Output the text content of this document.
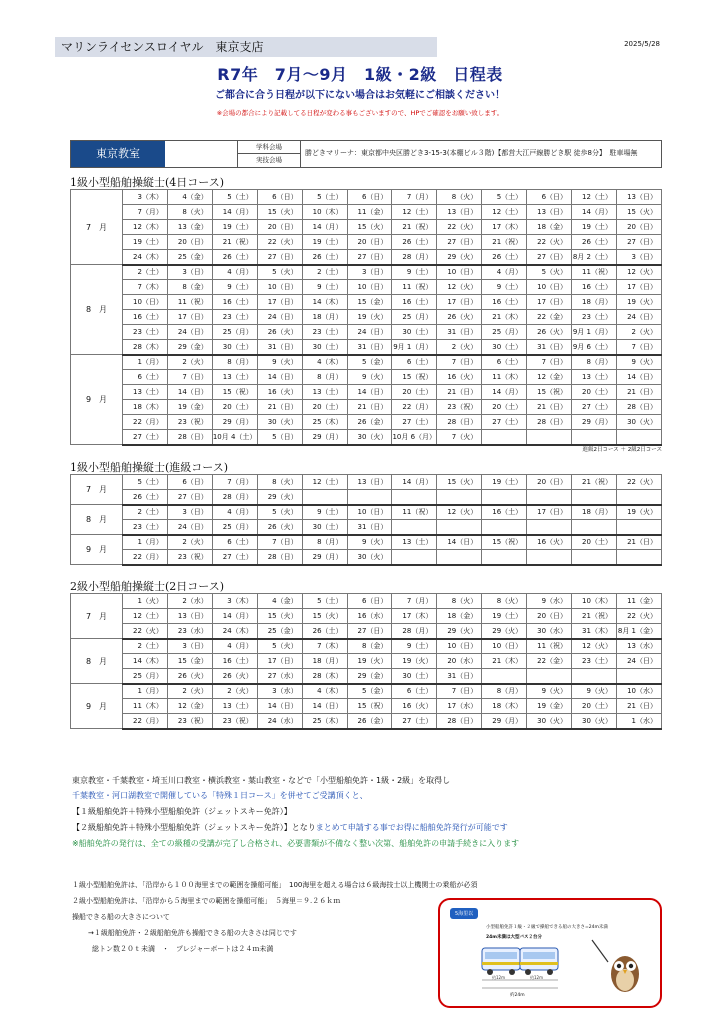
マリンライセンスロイヤル　東京支店	2025/5/28
R7年　7月～9月　1級・2級　日程表
ご都合に合う日程が以下にない場合はお気軽にご相談ください！
※会場の都合により記載してる日程が変わる事もございますので、HPでご確認をお願い致します。
東京教室	学科会場
実技会場
勝どきマリーナ：東京都中央区勝どき3-15-3(本棚ビル３階)【都営大江戸線勝どき駅 徒歩8分】　駐車場無
1級小型船舶操縦士(4日コース)
7　月	3（木）	4（金）	5（土）	6（日）	5（土）	6（日）	7（月）	8（火）	5（土）	6（日）	12（土）	13（日）
	7（月）	8（火）	14（月）	15（火）	10（木）	11（金）	12（土）	13（日）	12（土）	13（日）	14（月）	15（火）
	12（木）	13（金）	19（土）	20（日）	14（月）	15（火）	21（祝）	22（火）	17（木）	18（金）	19（土）	20（日）
	19（土）	20（日）	21（祝）	22（火）	19（土）	20（日）	26（土）	27（日）	21（祝）	22（火）	26（土）	27（日）
	24（木）	25（金）	26（土）	27（日）	26（土）	27（日）	28（月）	29（火）	26（土）	27（日）	8月 2（土）	3（日）
8　月	2（土）	3（日）	4（月）	5（火）	2（土）	3（日）	9（土）	10（日）	4（月）	5（火）	11（祝）	12（火）
	7（木）	8（金）	9（土）	10（日）	9（土）	10（日）	11（祝）	12（火）	9（土）	10（日）	16（土）	17（日）
	10（日）	11（祝）	16（土）	17（日）	14（木）	15（金）	16（土）	17（日）	16（土）	17（日）	18（月）	19（火）
	16（土）	17（日）	23（土）	24（日）	18（月）	19（火）	25（月）	26（火）	21（木）	22（金）	23（土）	24（日）
	23（土）	24（日）	25（月）	26（火）	23（土）	24（日）	30（土）	31（日）	25（月）	26（火）	9月 1（月）	2（火）
	28（木）	29（金）	30（土）	31（日）	30（土）	31（日）	9月 1（月）	2（火）	30（土）	31（日）	9月 6（土）	7（日）
9　月	1（月）	2（火）	8（月）	9（火）	4（木）	5（金）	6（土）	7（日）	6（土）	7（日）	8（月）	9（火）
	6（土）	7（日）	13（土）	14（日）	8（月）	9（火）	15（祝）	16（火）	11（木）	12（金）	13（土）	14（日）
	13（土）	14（日）	15（祝）	16（火）	13（土）	14（日）	20（土）	21（日）	14（月）	15（祝）	20（土）	21（日）
	18（木）	19（金）	20（土）	21（日）	20（土）	21（日）	22（月）	23（祝）	20（土）	21（日）	27（土）	28（日）
	22（月）	23（祝）	29（月）	30（火）	25（木）	26（金）	27（土）	28（日）	27（土）	28（日）	29（月）	30（火）
	27（土）	28（日）	10月 4（土）	5（日）	29（月）	30（火）	10月 6（月）	7（火）				
進級2日コース ＋ 2級2日コース
1級小型船舶操縦士(進級コース)
7　月	5（土）	6（日）	7（月）	8（火）	12（土）	13（日）	14（月）	15（火）	19（土）	20（日）	21（祝）	22（火）
	26（土）	27（日）	28（月）	29（火）								
8　月	2（土）	3（日）	4（月）	5（火）	9（土）	10（日）	11（祝）	12（火）	16（土）	17（日）	18（月）	19（火）
	23（土）	24（日）	25（月）	26（火）	30（土）	31（日）						
9　月	1（月）	2（火）	6（土）	7（日）	8（月）	9（火）	13（土）	14（日）	15（祝）	16（火）	20（土）	21（日）
	22（月）	23（祝）	27（土）	28（日）	29（月）	30（火）						
2級小型船舶操縦士(2日コース)
7　月	1（火）	2（水）	3（木）	4（金）	5（土）	6（日）	7（月）	8（火）	8（火）	9（水）	10（木）	11（金）
	12（土）	13（日）	14（月）	15（火）	15（火）	16（水）	17（木）	18（金）	19（土）	20（日）	21（祝）	22（火）
	22（火）	23（水）	24（木）	25（金）	26（土）	27（日）	28（月）	29（火）	29（火）	30（水）	31（木）	8月 1（金）
8　月	2（土）	3（日）	4（月）	5（火）	7（木）	8（金）	9（土）	10（日）	10（日）	11（祝）	12（火）	13（水）
	14（木）	15（金）	16（土）	17（日）	18（月）	19（火）	19（火）	20（水）	21（木）	22（金）	23（土）	24（日）
	25（月）	26（火）	26（火）	27（水）	28（木）	29（金）	30（土）	31（日）				
9　月	1（月）	2（火）	2（火）	3（水）	4（木）	5（金）	6（土）	7（日）	8（月）	9（火）	9（火）	10（水）
	11（木）	12（金）	13（土）	14（日）	14（日）	15（祝）	16（火）	17（水）	18（木）	19（金）	20（土）	21（日）
	22（月）	23（祝）	23（祝）	24（水）	25（木）	26（金）	27（土）	28（日）	29（月）	30（火）	30（火）	1（水）
東京教室・千葉教室・埼玉川口教室・横浜教室・葉山教室・などで「小型船舶免許・1級・2級」を取得し
千葉教室・河口湖教室で開催している「特殊１日コース」を併せてご受講頂くと、
【１級船舶免許＋特殊小型船舶免許（ジェットスキー免許）】
【２級船舶免許＋特殊小型船舶免許（ジェットスキー免許）】となりまとめて申請する事でお得に船舶免許発行が可能です
※船舶免許の発行は、全ての級種の受講が完了し合格され、必要書類が不備なく整い次第、船舶免許の申請手続きに入ります
１級小型船舶免許は、「沿岸から１００海里までの範囲を操船可能」　100海里を超える場合は６級海技士以上機関士の乗船が必須
２級小型船舶免許は、「沿岸から５海里までの範囲を操船可能」　５海里＝９.２６ｋｍ
操船できる船の大きさについて
→１級船舶免許・２級船舶免許も操船できる船の大きさは同じです
総トン数２０ｔ未満　・　プレジャーボートは２４ｍ未満
5海里以
小型船舶免許１級・２級で操船できる船の大きさ=24m未満
24m未満は大型バス２台分
約12m	約12m
約24m
